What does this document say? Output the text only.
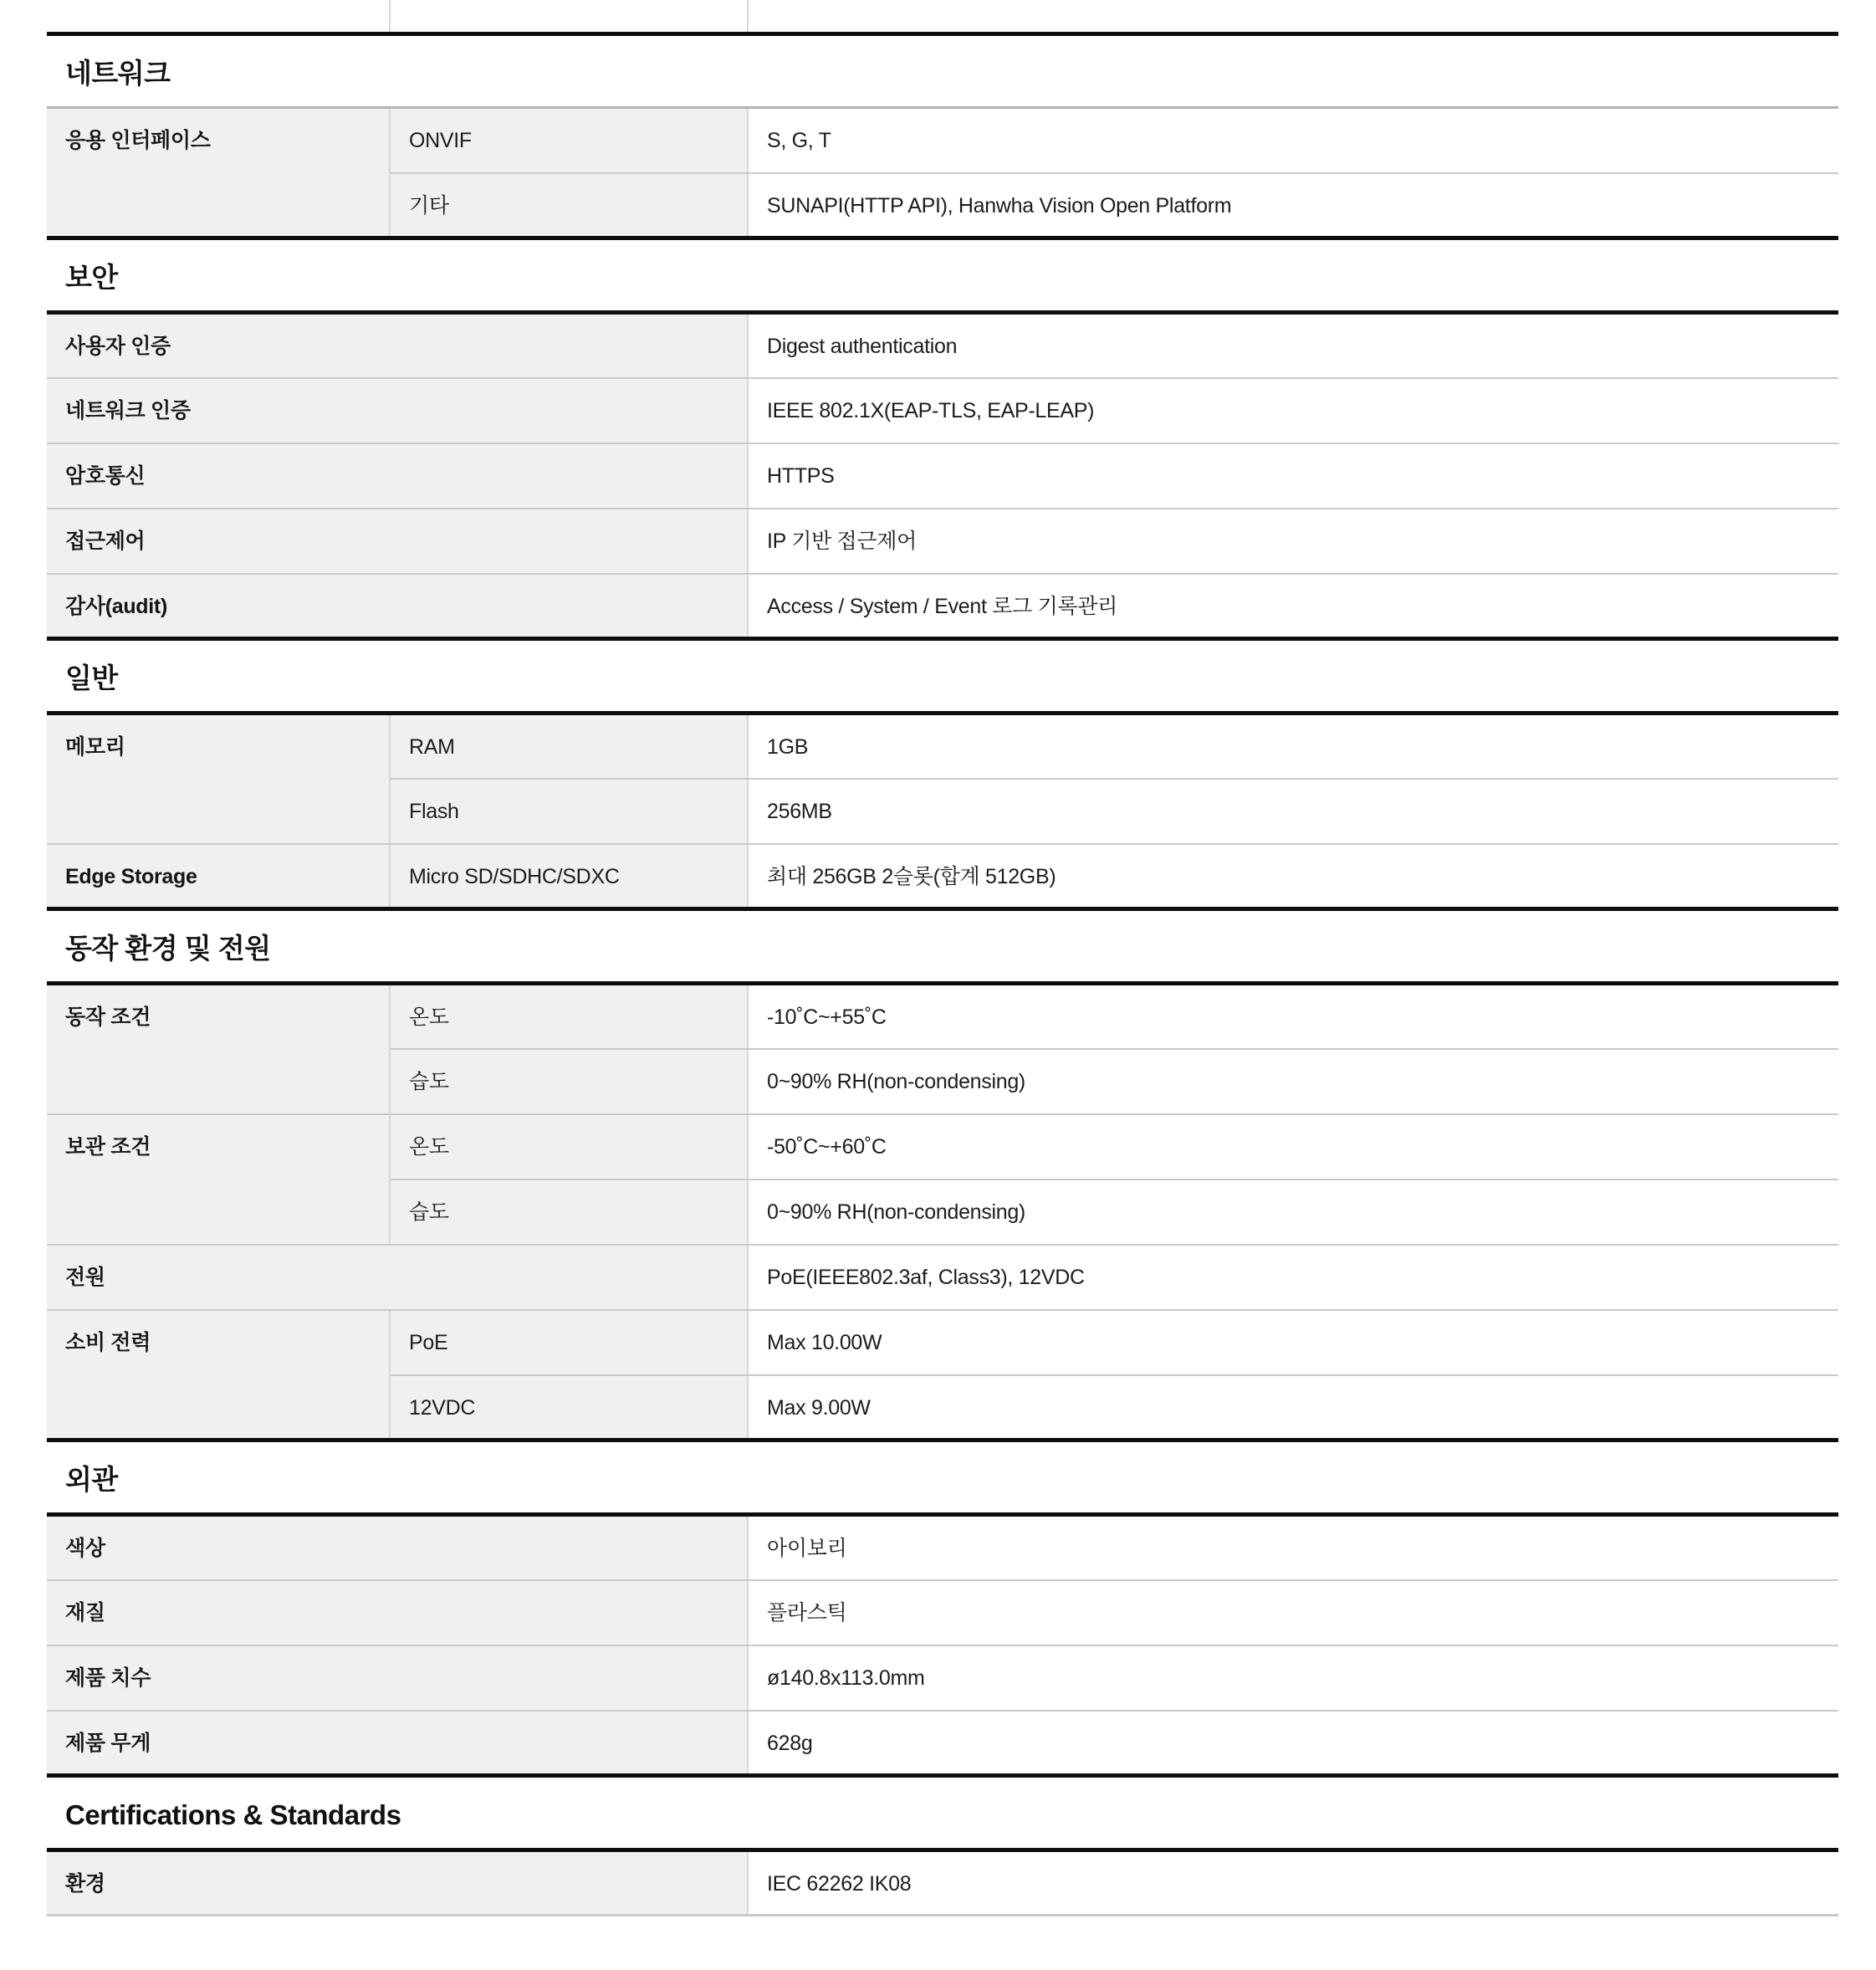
네트워크
응용 인터페이스	ONVIF	S, G, T
	기타	SUNAPI(HTTP API), Hanwha Vision Open Platform
보안
사용자 인증	Digest authentication
네트워크 인증	IEEE 802.1X(EAP-TLS, EAP-LEAP)
암호통신	HTTPS
접근제어	IP 기반 접근제어
감사(audit)	Access / System / Event 로그 기록관리
일반
메모리	RAM	1GB
	Flash	256MB
Edge Storage	Micro SD/SDHC/SDXC	최대 256GB 2슬롯(합계 512GB)
동작 환경 및 전원
동작 조건	온도	-10˚C~+55˚C
	습도	0~90% RH(non-condensing)
보관 조건	온도	-50˚C~+60˚C
	습도	0~90% RH(non-condensing)
전원		PoE(IEEE802.3af, Class3), 12VDC
소비 전력	PoE	Max 10.00W
	12VDC	Max 9.00W
외관
색상	아이보리
재질	플라스틱
제품 치수	ø140.8x113.0mm
제품 무게	628g
Certifications & Standards
환경	IEC 62262 IK08
